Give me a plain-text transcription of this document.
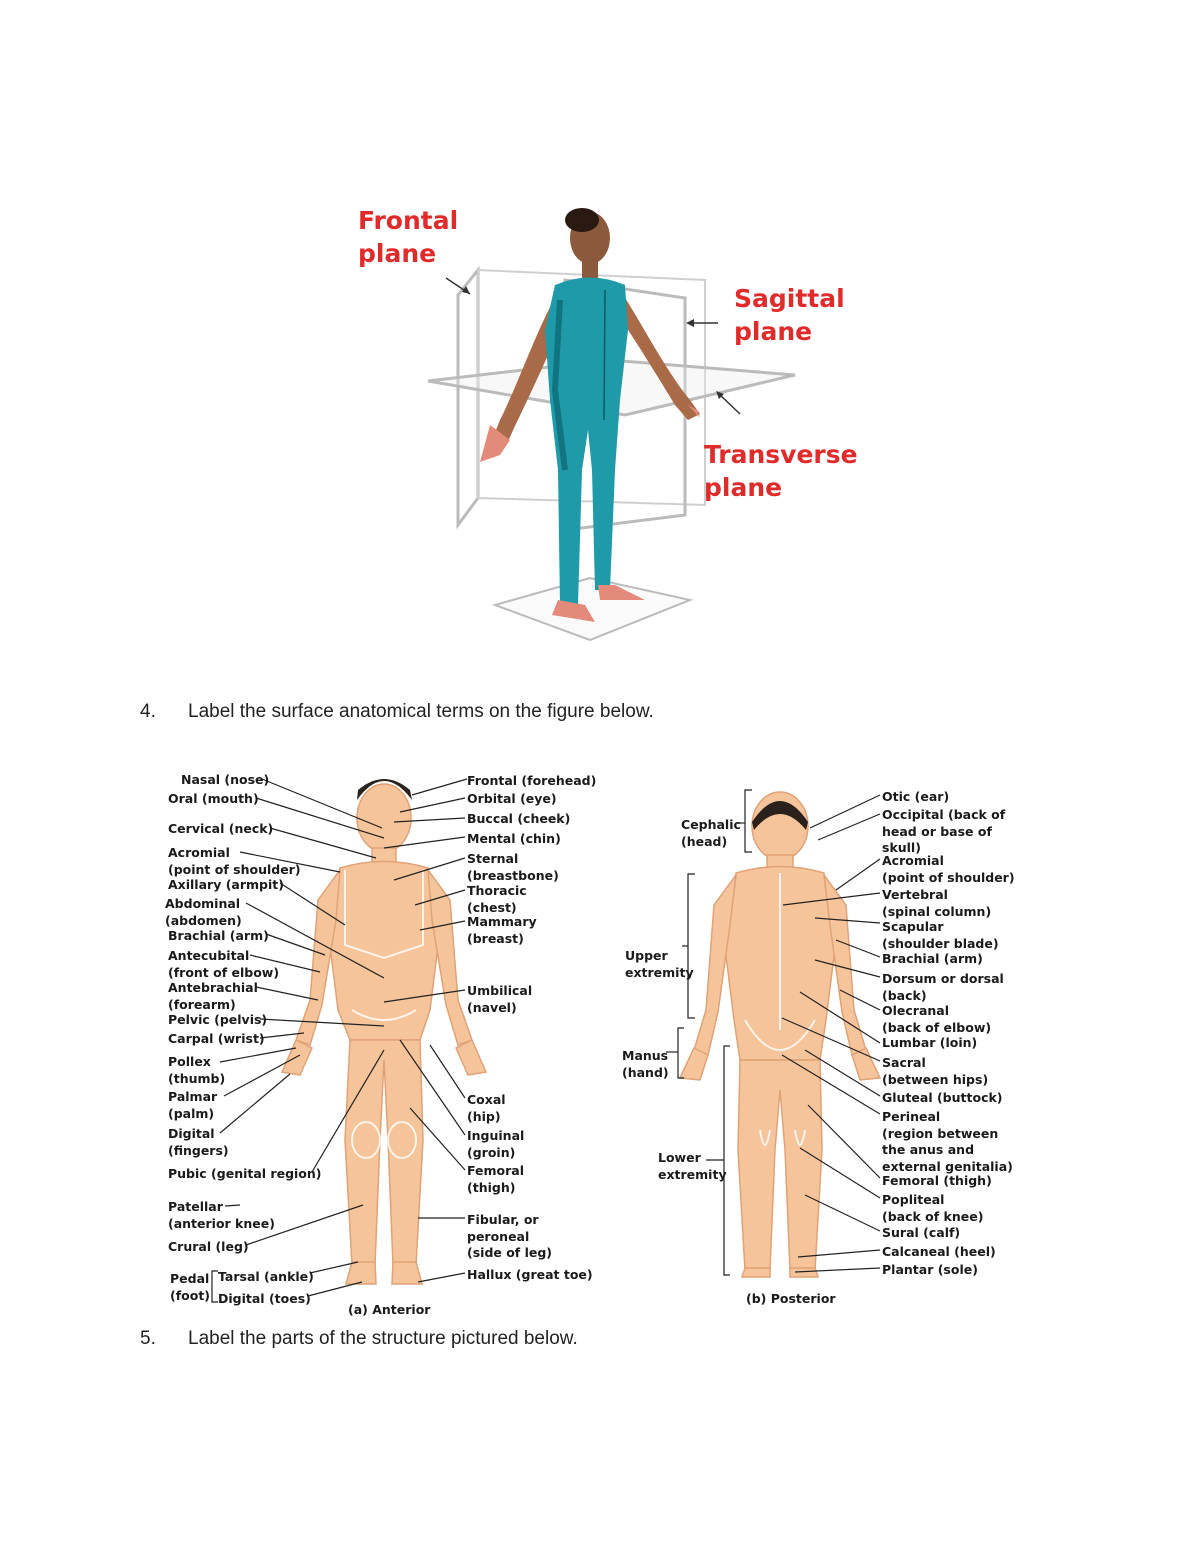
Frontal
plane
Sagittal
plane
Transverse
plane
4. Label the surface anatomical terms on the figure below.
Nasal (nose)
Oral (mouth)
Cervical (neck)
Acromial
(point of shoulder)
Axillary (armpit)
Abdominal
(abdomen)
Brachial (arm)
Antecubital
(front of elbow)
Antebrachial
(forearm)
Pelvic (pelvis)
Carpal (wrist)
Pollex
(thumb)
Palmar
(palm)
Digital
(fingers)
Pubic (genital region)
Patellar
(anterior knee)
Crural (leg)
Pedal
(foot)
Tarsal (ankle)
Digital (toes)
Frontal (forehead)
Orbital (eye)
Buccal (cheek)
Mental (chin)
Sternal
(breastbone)
Thoracic
(chest)
Mammary
(breast)
Umbilical
(navel)
Coxal
(hip)
Inguinal
(groin)
Femoral
(thigh)
Fibular, or
peroneal
(side of leg)
Hallux (great toe)
(a) Anterior
Cephalic
(head)
Upper
extremity
Manus
(hand)
Lower
extremity
Otic (ear)
Occipital (back of
head or base of
skull)
Acromial
(point of shoulder)
Vertebral
(spinal column)
Scapular
(shoulder blade)
Brachial (arm)
Dorsum or dorsal
(back)
Olecranal
(back of elbow)
Lumbar (loin)
Sacral
(between hips)
Gluteal (buttock)
Perineal
(region between
the anus and
external genitalia)
Femoral (thigh)
Popliteal
(back of knee)
Sural (calf)
Calcaneal (heel)
Plantar (sole)
(b) Posterior
5. Label the parts of the structure pictured below.
